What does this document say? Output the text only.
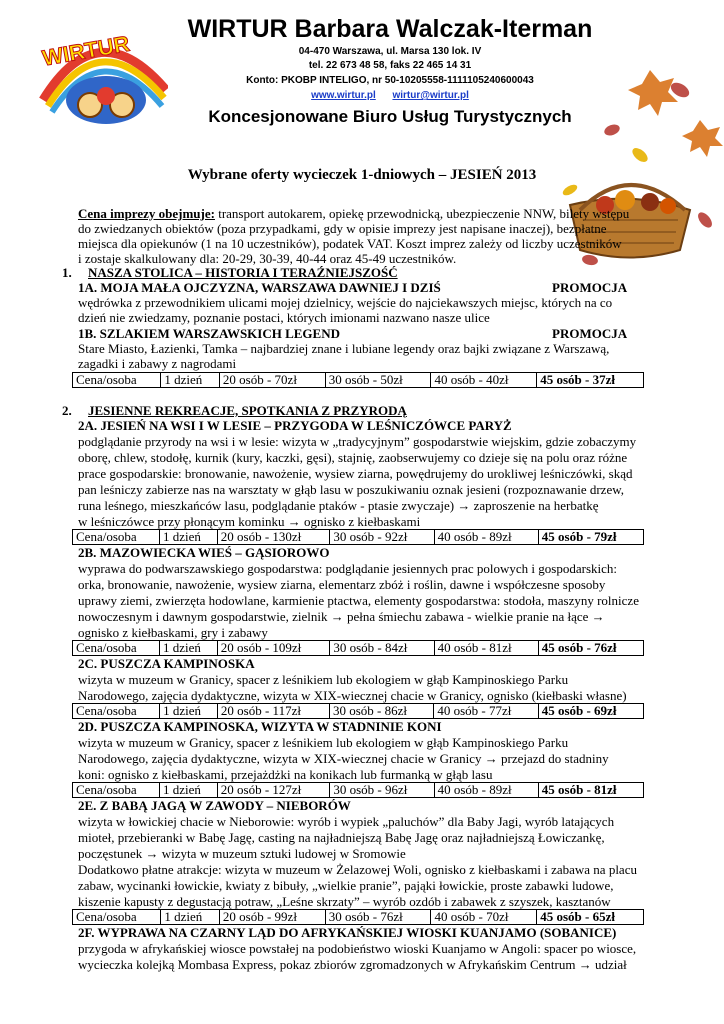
WIRTUR
WIRTUR Barbara Walczak-Iterman
04-470 Warszawa, ul. Marsa 130 lok. IV
tel. 22 673 48 58, faks 22 465 14 31
Konto: PKOBP INTELIGO, nr 50-10205558-1111105240600043
www.wirtur.pl wirtur@wirtur.pl
Koncesjonowane Biuro Usług Turystycznych
Wybrane oferty wycieczek 1-dniowych – JESIEŃ 2013
Cena imprezy obejmuje: transport autokarem, opiekę przewodnicką, ubezpieczenie NNW, bilety wstępu
do zwiedzanych obiektów (poza przypadkami, gdy w opisie imprezy jest napisane inaczej), bezpłatne
miejsca dla opiekunów (1 na 10 uczestników), podatek VAT. Koszt imprez zależy od liczby uczestników
i zostaje skalkulowany dla: 20-29, 30-39, 40-44 oraz 45-49 uczestników.
1. NASZA STOLICA – HISTORIA I TERAŹNIEJSZOŚĆ
1A. MOJA MAŁA OJCZYZNA, WARSZAWA DAWNIEJ I DZIŚ	PROMOCJA
wędrówka z przewodnikiem ulicami mojej dzielnicy, wejście do najciekawszych miejsc, których na co
dzień nie zwiedzamy, poznanie postaci, których imionami nazwano nasze ulice
1B. SZLAKIEM WARSZAWSKICH LEGEND	PROMOCJA
Stare Miasto, Łazienki, Tamka – najbardziej znane i lubiane legendy oraz bajki związane z Warszawą,
zagadki i zabawy z nagrodami
Cena/osoba	1 dzień	20 osób - 70zł	30 osób - 50zł	40 osób - 40zł	45 osób - 37zł
2. JESIENNE REKREACJE, SPOTKANIA Z PRZYRODĄ
2A. JESIEŃ NA WSI I W LESIE – PRZYGODA W LEŚNICZÓWCE PARYŻ
podglądanie przyrody na wsi i w lesie: wizyta w „tradycyjnym” gospodarstwie wiejskim, gdzie zobaczymy
oborę, chlew, stodołę, kurnik (kury, kaczki, gęsi), stajnię, zaobserwujemy co dzieje się na polu oraz różne
prace gospodarskie: bronowanie, nawożenie, wysiew ziarna, powędrujemy do urokliwej leśniczówki, skąd
pan leśniczy zabierze nas na warsztaty w głąb lasu w poszukiwaniu oznak jesieni (rozpoznawanie drzew,
runa leśnego, mieszkańców lasu, podglądanie ptaków - ptasie zwyczaje) → zaproszenie na herbatkę
w leśniczówce przy płonącym kominku → ognisko z kiełbaskami
Cena/osoba	1 dzień	20 osób - 130zł	30 osób - 92zł	40 osób - 89zł	45 osób - 79zł
2B. MAZOWIECKA WIEŚ – GĄSIOROWO
wyprawa do podwarszawskiego gospodarstwa: podglądanie jesiennych prac polowych i gospodarskich:
orka, bronowanie, nawożenie, wysiew ziarna, elementarz zbóż i roślin, dawne i współczesne sposoby
uprawy ziemi, zwierzęta hodowlane, karmienie ptactwa, elementy gospodarstwa: stodoła, maszyny rolnicze
nowoczesnym i dawnym gospodarstwie, zielnik → pełna śmiechu zabawa - wielkie pranie na łące →
ognisko z kiełbaskami, gry i zabawy
Cena/osoba	1 dzień	20 osób - 109zł	30 osób - 84zł	40 osób - 81zł	45 osób - 76zł
2C. PUSZCZA KAMPINOSKA
wizyta w muzeum w Granicy, spacer z leśnikiem lub ekologiem w głąb Kampinoskiego Parku
Narodowego, zajęcia dydaktyczne, wizyta w XIX-wiecznej chacie w Granicy, ognisko (kiełbaski własne)
Cena/osoba	1 dzień	20 osób - 117zł	30 osób - 86zł	40 osób - 77zł	45 osób - 69zł
2D. PUSZCZA KAMPINOSKA, WIZYTA W STADNINIE KONI
wizyta w muzeum w Granicy, spacer z leśnikiem lub ekologiem w głąb Kampinoskiego Parku
Narodowego, zajęcia dydaktyczne, wizyta w XIX-wiecznej chacie w Granicy → przejazd do stadniny
koni: ognisko z kiełbaskami, przejażdżki na konikach lub furmanką w głąb lasu
Cena/osoba	1 dzień	20 osób - 127zł	30 osób - 96zł	40 osób - 89zł	45 osób - 81zł
2E. Z BABĄ JAGĄ W ZAWODY – NIEBORÓW
wizyta w łowickiej chacie w Nieborowie: wyrób i wypiek „paluchów” dla Baby Jagi, wyrób latających
mioteł, przebieranki w Babę Jagę, casting na najładniejszą Babę Jagę oraz najładniejszą Łowiczankę,
poczęstunek → wizyta w muzeum sztuki ludowej w Sromowie
Dodatkowo płatne atrakcje: wizyta w muzeum w Żelazowej Woli, ognisko z kiełbaskami i zabawa na placu
zabaw, wycinanki łowickie, kwiaty z bibuły, „wielkie pranie”, pająki łowickie, proste zabawki ludowe,
kiszenie kapusty z degustacją potraw, „Leśne skrzaty” – wyrób ozdób i zabawek z szyszek, kasztanów
Cena/osoba	1 dzień	20 osób - 99zł	30 osób - 76zł	40 osób - 70zł	45 osób - 65zł
2F. WYPRAWA NA CZARNY LĄD DO AFRYKAŃSKIEJ WIOSKI KUANJAMO (SOBANICE)
przygoda w afrykańskiej wiosce powstałej na podobieństwo wioski Kuanjamo w Angoli: spacer po wiosce,
wycieczka kolejką Mombasa Express, pokaz zbiorów zgromadzonych w Afrykańskim Centrum → udział
